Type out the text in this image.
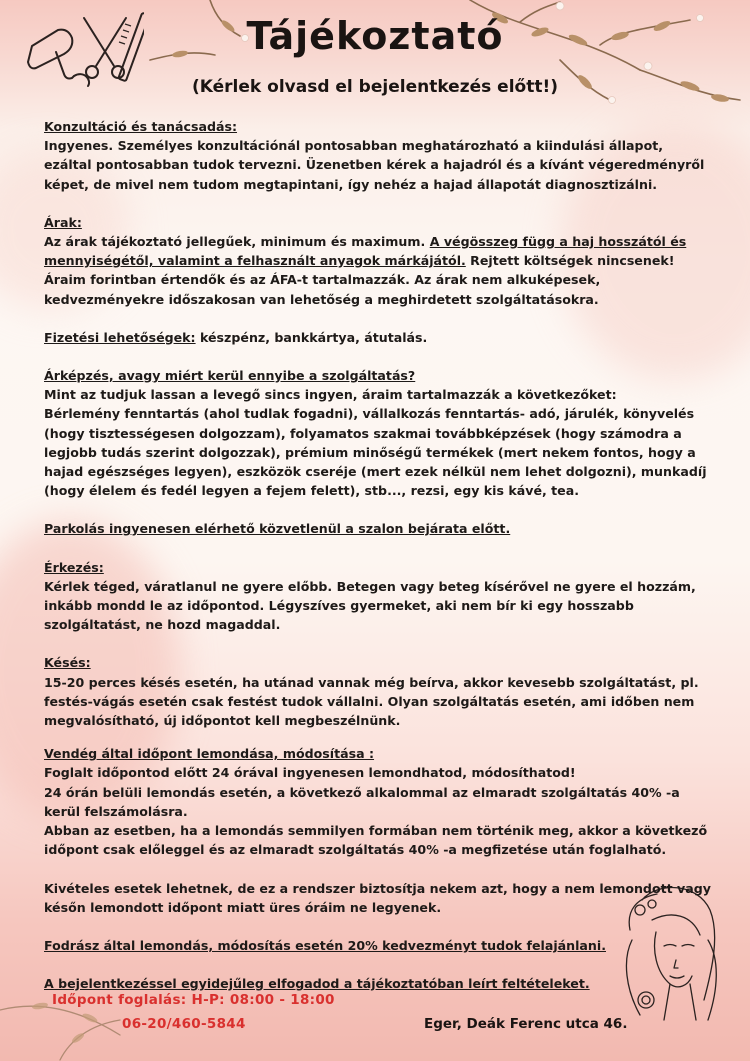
Tájékoztató
(Kérlek olvasd el bejelentkezés előtt!)

Konzultáció és tanácsadás:

Ingyenes. Személyes konzultációnál pontosabban meghatározható a kiindulási állapot, ezáltal pontosabban tudok tervezni. Üzenetben kérek a hajadról és a kívánt végeredményről képet, de mivel nem tudom megtapintani, így nehéz a hajad állapotát diagnosztizálni.

Árak:

Az árak tájékoztató jellegűek, minimum és maximum. A végösszeg függ a haj hosszától és mennyiségétől, valamint a felhasznált anyagok márkájától. Rejtett költségek nincsenek! Áraim forintban értendők és az ÁFA-t tartalmazzák. Az árak nem alkuképesek, kedvezményekre időszakosan van lehetőség a meghirdetett szolgáltatásokra.

Fizetési lehetőségek: készpénz, bankkártya, átutalás.

Árképzés, avagy miért kerül ennyibe a szolgáltatás?

Mint az tudjuk lassan a levegő sincs ingyen, áraim tartalmazzák a következőket:

Bérlemény fenntartás (ahol tudlak fogadni), vállalkozás fenntartás- adó, járulék, könyvelés (hogy tisztességesen dolgozzam), folyamatos szakmai továbbképzések (hogy számodra a legjobb tudás szerint dolgozzak), prémium minőségű termékek (mert nekem fontos, hogy a hajad egészséges legyen), eszközök cseréje (mert ezek nélkül nem lehet dolgozni), munkadíj (hogy élelem és fedél legyen a fejem felett), stb..., rezsi, egy kis kávé, tea.

Parkolás ingyenesen elérhető közvetlenül a szalon bejárata előtt.

Érkezés:

Kérlek téged, váratlanul ne gyere előbb. Betegen vagy beteg kísérővel ne gyere el hozzám, inkább mondd le az időpontod. Légyszíves gyermeket, aki nem bír ki egy hosszabb szolgáltatást, ne hozd magaddal.

Késés:

15-20 perces késés esetén, ha utánad vannak még beírva, akkor kevesebb szolgáltatást, pl. festés-vágás esetén csak festést tudok vállalni. Olyan szolgáltatás esetén, ami időben nem megvalósítható, új időpontot kell megbeszélnünk.

Vendég által időpont lemondása, módosítása :

Foglalt időpontod előtt 24 órával ingyenesen lemondhatod, módosíthatod!

24 órán belüli lemondás esetén, a következő alkalommal az elmaradt szolgáltatás 40% -a kerül felszámolásra.

Abban az esetben, ha a lemondás semmilyen formában nem történik meg, akkor a következő időpont csak előleggel és az elmaradt szolgáltatás 40% -a megfizetése után foglalható.

Kivételes esetek lehetnek, de ez a rendszer biztosítja nekem azt, hogy a nem lemondott vagy későn lemondott időpont miatt üres óráim ne legyenek.

Fodrász által lemondás, módosítás esetén 20% kedvezményt tudok felajánlani.

A bejelentkezéssel egyidejűleg elfogadod a tájékoztatóban leírt feltételeket.

Időpont foglalás: H-P: 08:00 - 18:00
06-20/460-5844	Eger, Deák Ferenc utca 46.
